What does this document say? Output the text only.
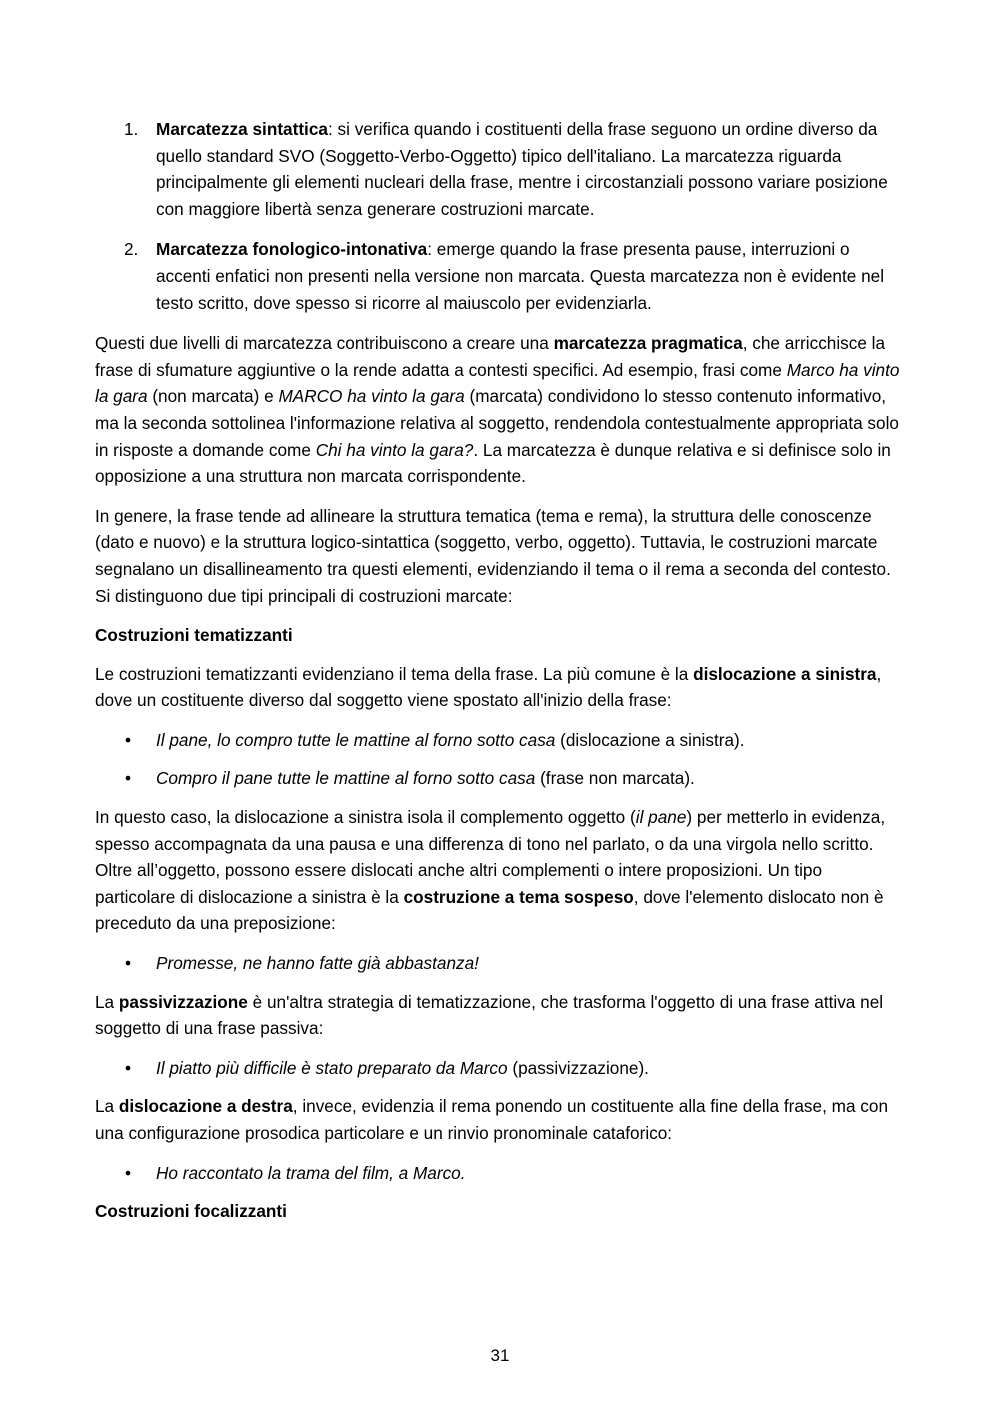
1. Marcatezza sintattica: si verifica quando i costituenti della frase seguono un ordine diverso da quello standard SVO (Soggetto-Verbo-Oggetto) tipico dell'italiano. La marcatezza riguarda principalmente gli elementi nucleari della frase, mentre i circostanziali possono variare posizione con maggiore libertà senza generare costruzioni marcate.
2. Marcatezza fonologico-intonativa: emerge quando la frase presenta pause, interruzioni o accenti enfatici non presenti nella versione non marcata. Questa marcatezza non è evidente nel testo scritto, dove spesso si ricorre al maiuscolo per evidenziarla.

Questi due livelli di marcatezza contribuiscono a creare una marcatezza pragmatica, che arricchisce la frase di sfumature aggiuntive o la rende adatta a contesti specifici. Ad esempio, frasi come Marco ha vinto la gara (non marcata) e MARCO ha vinto la gara (marcata) condividono lo stesso contenuto informativo, ma la seconda sottolinea l'informazione relativa al soggetto, rendendola contestualmente appropriata solo in risposte a domande come Chi ha vinto la gara?. La marcatezza è dunque relativa e si definisce solo in opposizione a una struttura non marcata corrispondente.

In genere, la frase tende ad allineare la struttura tematica (tema e rema), la struttura delle conoscenze (dato e nuovo) e la struttura logico-sintattica (soggetto, verbo, oggetto). Tuttavia, le costruzioni marcate segnalano un disallineamento tra questi elementi, evidenziando il tema o il rema a seconda del contesto. Si distinguono due tipi principali di costruzioni marcate:

Costruzioni tematizzanti

Le costruzioni tematizzanti evidenziano il tema della frase. La più comune è la dislocazione a sinistra, dove un costituente diverso dal soggetto viene spostato all'inizio della frase:

• Il pane, lo compro tutte le mattine al forno sotto casa (dislocazione a sinistra).
• Compro il pane tutte le mattine al forno sotto casa (frase non marcata).

In questo caso, la dislocazione a sinistra isola il complemento oggetto (il pane) per metterlo in evidenza, spesso accompagnata da una pausa e una differenza di tono nel parlato, o da una virgola nello scritto. Oltre all’oggetto, possono essere dislocati anche altri complementi o intere proposizioni. Un tipo particolare di dislocazione a sinistra è la costruzione a tema sospeso, dove l'elemento dislocato non è preceduto da una preposizione:

• Promesse, ne hanno fatte già abbastanza!

La passivizzazione è un'altra strategia di tematizzazione, che trasforma l'oggetto di una frase attiva nel soggetto di una frase passiva:

• Il piatto più difficile è stato preparato da Marco (passivizzazione).

La dislocazione a destra, invece, evidenzia il rema ponendo un costituente alla fine della frase, ma con una configurazione prosodica particolare e un rinvio pronominale cataforico:

• Ho raccontato la trama del film, a Marco.
Costruzioni focalizzanti
31
